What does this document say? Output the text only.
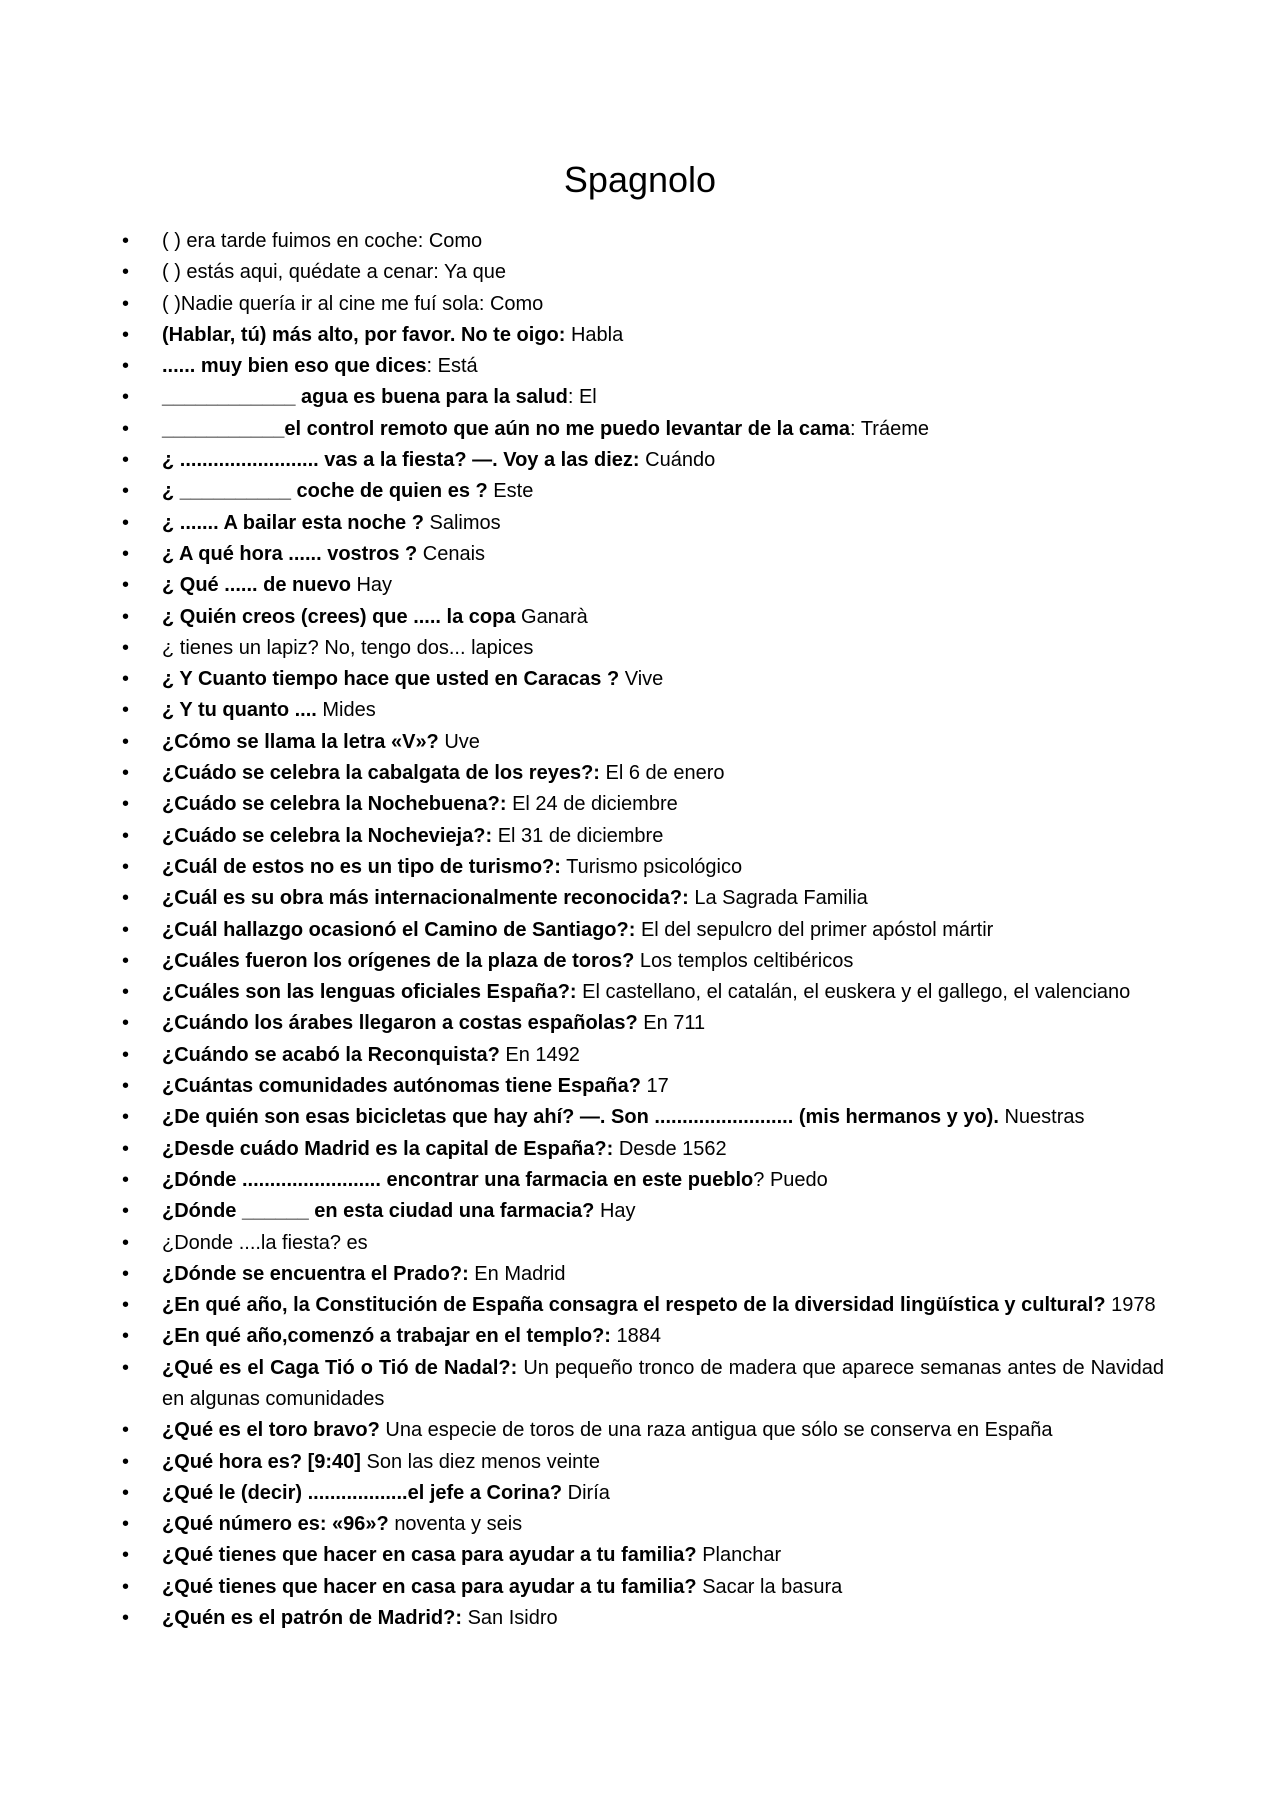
Spagnolo
•	( ) era tarde fuimos en coche: Como
•	( ) estás aqui, quédate a cenar: Ya que
•	( )Nadie quería ir al cine me fuí sola: Como
•	(Hablar, tú) más alto, por favor. No te oigo: Habla
•	...... muy bien eso que dices: Está
•	____________ agua es buena para la salud: El
•	___________el control remoto que aún no me puedo levantar de la cama: Tráeme
•	¿ ......................... vas a la fiesta? —. Voy a las diez: Cuándo
•	¿ __________ coche de quien es ? Este
•	¿ ....... A bailar esta noche ? Salimos
•	¿ A qué hora ...... vostros ? Cenais
•	¿ Qué ...... de nuevo Hay
•	¿ Quién creos (crees) que ..... la copa Ganarà
•	¿ tienes un lapiz? No, tengo dos... lapices
•	¿ Y Cuanto tiempo hace que usted en Caracas ? Vive
•	¿ Y tu quanto .... Mides
•	¿Cómo se llama la letra «V»? Uve
•	¿Cuádo se celebra la cabalgata de los reyes?: El 6 de enero
•	¿Cuádo se celebra la Nochebuena?: El 24 de diciembre
•	¿Cuádo se celebra la Nochevieja?: El 31 de diciembre
•	¿Cuál de estos no es un tipo de turismo?: Turismo psicológico
•	¿Cuál es su obra más internacionalmente reconocida?: La Sagrada Familia
•	¿Cuál hallazgo ocasionó el Camino de Santiago?: El del sepulcro del primer apóstol mártir
•	¿Cuáles fueron los orígenes de la plaza de toros? Los templos celtibéricos
•	¿Cuáles son las lenguas oficiales España?: El castellano, el catalán, el euskera y el gallego, el valenciano
•	¿Cuándo los árabes llegaron a costas españolas? En 711
•	¿Cuándo se acabó la Reconquista? En 1492
•	¿Cuántas comunidades autónomas tiene España? 17
•	¿De quién son esas bicicletas que hay ahí? —. Son ......................... (mis hermanos y yo). Nuestras
•	¿Desde cuádo Madrid es la capital de España?: Desde 1562
•	¿Dónde ......................... encontrar una farmacia en este pueblo? Puedo
•	¿Dónde ______ en esta ciudad una farmacia? Hay
•	¿Donde ....la fiesta? es
•	¿Dónde se encuentra el Prado?: En Madrid
•	¿En qué año, la Constitución de España consagra el respeto de la diversidad lingüística y cultural? 1978
•	¿En qué año,comenzó a trabajar en el templo?: 1884
•	¿Qué es el Caga Tió o Tió de Nadal?: Un pequeño tronco de madera que aparece semanas antes de Navidad en algunas comunidades
•	¿Qué es el toro bravo? Una especie de toros de una raza antigua que sólo se conserva en España
•	¿Qué hora es? [9:40] Son las diez menos veinte
•	¿Qué le (decir) ..................el jefe a Corina? Diría
•	¿Qué número es: «96»? noventa y seis
•	¿Qué tienes que hacer en casa para ayudar a tu familia? Planchar
•	¿Qué tienes que hacer en casa para ayudar a tu familia? Sacar la basura
•	¿Quén es el patrón de Madrid?: San Isidro
